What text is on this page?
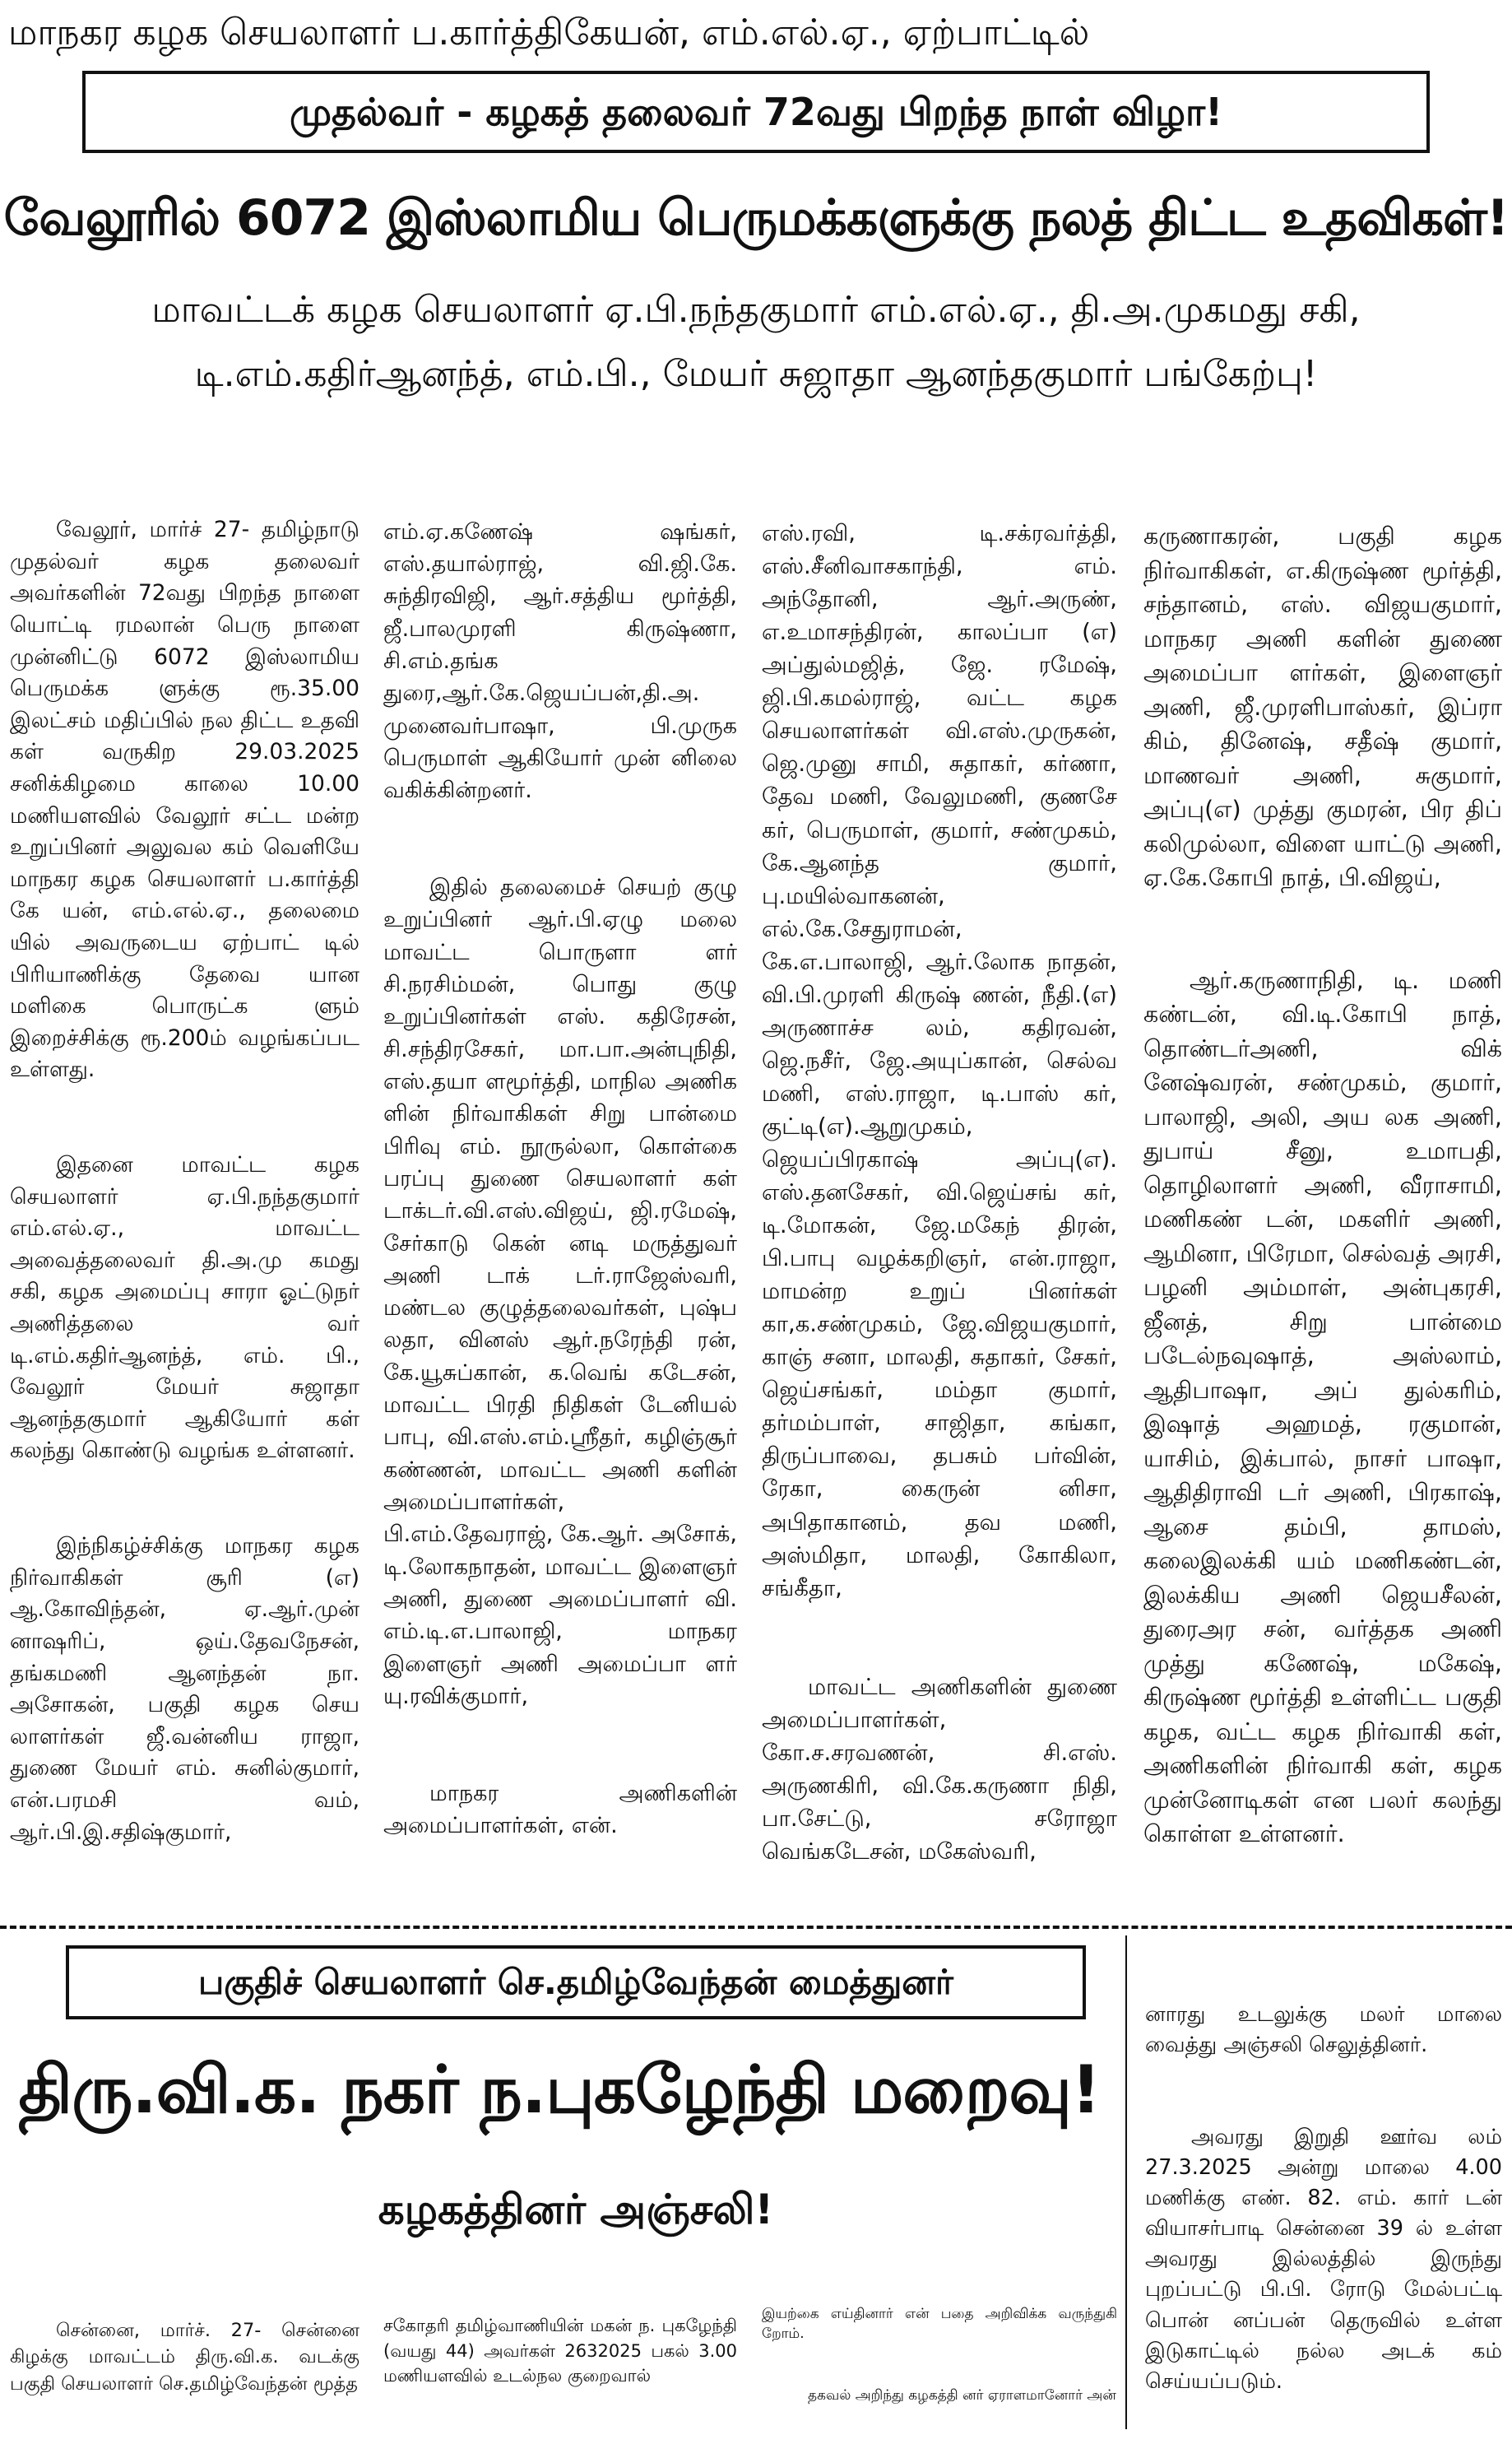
மாநகர கழக செயலாளர் ப.கார்த்திகேயன், எம்.எல்.ஏ., ஏற்பாட்டில்
முதல்வர் - கழகத் தலைவர் 72வது பிறந்த நாள் விழா!
வேலூரில் 6072 இஸ்லாமிய பெருமக்களுக்கு நலத் திட்ட உதவிகள்!
மாவட்டக் கழக செயலாளர் ஏ.பி.நந்தகுமார் எம்.எல்.ஏ., தி.அ.முகமது சகி,
டி.எம்.கதிர்ஆனந்த், எம்.பி., மேயர் சுஜாதா ஆனந்தகுமார் பங்கேற்பு!

வேலூர், மார்ச் 27- தமிழ்நாடு முதல்வர் கழக தலைவர் அவர்களின் 72வது பிறந்த நாளை யொட்டி ரமலான் பெரு நாளை முன்னிட்டு 6072 இஸ்லாமிய பெருமக்க ளுக்கு ரூ.35.00 இலட்சம் மதிப்பில் நல திட்ட உதவி கள் வருகிற 29.03.2025 சனிக்கிழமை காலை 10.00 மணியளவில் வேலூர் சட்ட மன்ற உறுப்பினர் அலுவல கம் வெளியே மாநகர கழக செயலாளர் ப.கார்த்தி கே யன், எம்.எல்.ஏ., தலைமை யில் அவருடைய ஏற்பாட் டில் பிரியாணிக்கு தேவை யான மளிகை பொருட்க ளும் இறைச்சிக்கு ரூ.200ம் வழங்கப்பட உள்ளது.

இதனை மாவட்ட கழக செயலாளர் ஏ.பி.நந்தகுமார் எம்.எல்.ஏ., மாவட்ட அவைத்தலைவர் தி.அ.மு கமது சகி, கழக அமைப்பு சாரா ஓட்டுநர் அணித்தலை வர் டி.எம்.கதிர்ஆனந்த், எம். பி., வேலூர் மேயர் சுஜாதா ஆனந்தகுமார் ஆகியோர் கள் கலந்து கொண்டு வழங்க உள்ளனர்.

இந்நிகழ்ச்சிக்கு மாநகர கழக நிர்வாகிகள் சூரி (எ) ஆ.கோவிந்தன், ஏ.ஆர்.முன் னாஷரிப், ஒய்.தேவநேசன், தங்கமணி ஆனந்தன் நா. அசோகன், பகுதி கழக செய லாளர்கள் ஜீ.வன்னிய ராஜா, துணை மேயர் எம். சுனில்குமார், என்.பரமசி வம், ஆர்.பி.இ.சதிஷ்குமார்,

எம்.ஏ.கணேஷ் ஷங்கர், எஸ்.தயால்ராஜ், வி.ஜி.கே. சுந்திரவிஜி, ஆர்.சத்திய மூர்த்தி, ஜீ.பாலமுரளி கிருஷ்ணா, சி.எம்.தங்க துரை,ஆர்.கே.ஜெயப்பன்,தி.அ. முனைவர்பாஷா, பி.முருக பெருமாள் ஆகியோர் முன் னிலை வகிக்கின்றனர்.

இதில் தலைமைச் செயற் குழு உறுப்பினர் ஆர்.பி.ஏழு மலை மாவட்ட பொருளா ளர் சி.நரசிம்மன், பொது குழு உறுப்பினர்கள் எஸ். கதிரேசன், சி.சந்திரசேகர், மா.பா.அன்புநிதி, எஸ்.தயா ளமூர்த்தி, மாநில அணிக ளின் நிர்வாகிகள் சிறு பான்மை பிரிவு எம். நூருல்லா, கொள்கை பரப்பு துணை செயலாளர் கள் டாக்டர்.வி.எஸ்.விஜய், ஜி.ரமேஷ், சேர்காடு கென் னடி மருத்துவர் அணி டாக் டர்.ராஜேஸ்வரி, மண்டல குழுத்தலைவர்கள், புஷ்ப லதா, வினஸ் ஆர்.நரேந்தி ரன், கே.யூசுப்கான், க.வெங் கடேசன், மாவட்ட பிரதி நிதிகள் டேனியல் பாபு, வி.எஸ்.எம்.ஸ்ரீதர், கழிஞ்சூர் கண்ணன், மாவட்ட அணி களின் அமைப்பாளர்கள், பி.எம்.தேவராஜ், கே.ஆர். அசோக், டி.லோகநாதன், மாவட்ட இளைஞர் அணி, துணை அமைப்பாளர் வி. எம்.டி.எ.பாலாஜி, மாநகர இளைஞர் அணி அமைப்பா ளர் யு.ரவிக்குமார்,

மாநகர அணிகளின் அமைப்பாளர்கள், என்.

எஸ்.ரவி, டி.சக்ரவர்த்தி, எஸ்.சீனிவாசகாந்தி, எம். அந்தோனி, ஆர்.அருண், எ.உமாசந்திரன், காலப்பா (எ) அப்துல்மஜித், ஜே. ரமேஷ், ஜி.பி.கமல்ராஜ், வட்ட கழக செயலாளர்கள் வி.எஸ்.முருகன், ஜெ.முனு சாமி, சுதாகர், கர்ணா, தேவ மணி, வேலுமணி, குணசே கர், பெருமாள், குமார், சண்முகம், கே.ஆனந்த குமார், பு.மயில்வாகனன், எல்.கே.சேதுராமன், கே.எ.பாலாஜி, ஆர்.லோக நாதன், வி.பி.முரளி கிருஷ் ணன், நீதி.(எ) அருணாச்ச லம், கதிரவன், ஜெ.நசீர், ஜே.அயுப்கான், செல்வ மணி, எஸ்.ராஜா, டி.பாஸ் கர், குட்டி(எ).ஆறுமுகம், ஜெயப்பிரகாஷ் அப்பு(எ). எஸ்.தனசேகர், வி.ஜெய்சங் கர், டி.மோகன், ஜே.மகேந் திரன், பி.பாபு வழக்கறிஞர், என்.ராஜா, மாமன்ற உறுப் பினர்கள் கா,க.சண்முகம், ஜே.விஜயகுமார், காஞ் சனா, மாலதி, சுதாகர், சேகர், ஜெய்சங்கர், மம்தா குமார், தர்மம்பாள், சாஜிதா, கங்கா, திருப்பாவை, தபசும் பர்வின், ரேகா, கைருன் னிசா, அபிதாகானம், தவ மணி, அஸ்மிதா, மாலதி, கோகிலா, சங்கீதா,

மாவட்ட அணிகளின் துணை அமைப்பாளர்கள், கோ.ச.சரவணன், சி.எஸ். அருணகிரி, வி.கே.கருணா நிதி, பா.சேட்டு, சரோஜா வெங்கடேசன், மகேஸ்வரி,

கருணாகரன், பகுதி கழக நிர்வாகிகள், எ.கிருஷ்ண மூர்த்தி, சந்தானம், எஸ். விஜயகுமார், மாநகர அணி களின் துணை அமைப்பா ளர்கள், இளைஞர் அணி, ஜீ.முரளிபாஸ்கர், இப்ரா கிம், தினேஷ், சதீஷ் குமார், மாணவர் அணி, சுகுமார், அப்பு(எ) முத்து குமரன், பிர திப் கலிமுல்லா, விளை யாட்டு அணி, ஏ.கே.கோபி நாத், பி.விஜய்,

ஆர்.கருணாநிதி, டி. மணி கண்டன், வி.டி.கோபி நாத், தொண்டர்அணி, விக் னேஷ்வரன், சண்முகம், குமார், பாலாஜி, அலி, அய லக அணி, துபாய் சீனு, உமாபதி, தொழிலாளர் அணி, வீராசாமி, மணிகண் டன், மகளிர் அணி, ஆமினா, பிரேமா, செல்வத் அரசி, பழனி அம்மாள், அன்புகரசி, ஜீனத், சிறு பான்மை படேல்நவுஷாத், அஸ்லாம், ஆதிபாஷா, அப் துல்கரிம், இஷாத் அஹமத், ரகுமான், யாசிம், இக்பால், நாசர் பாஷா, ஆதிதிராவி டர் அணி, பிரகாஷ், ஆசை தம்பி, தாமஸ், கலைஇலக்கி யம் மணிகண்டன், இலக்கிய அணி ஜெயசீலன், துரைஅர சன், வர்த்தக அணி முத்து கணேஷ், மகேஷ், கிருஷ்ண மூர்த்தி உள்ளிட்ட பகுதி கழக, வட்ட கழக நிர்வாகி கள், அணிகளின் நிர்வாகி கள், கழக முன்னோடிகள் என பலர் கலந்து கொள்ள உள்ளனர்.

பகுதிச் செயலாளர் செ.தமிழ்வேந்தன் மைத்துனர்
திரு.வி.க. நகர் ந.புகழேந்தி மறைவு!
கழகத்தினர் அஞ்சலி!

சென்னை, மார்ச். 27- சென்னை கிழக்கு மாவட்டம் திரு.வி.க. வடக்கு பகுதி செயலாளர் செ.தமிழ்வேந்தன் மூத்த

சகோதரி தமிழ்வாணியின் மகன் ந. புகழேந்தி (வயது 44) அவர்கள் 2632025 பகல் 3.00 மணியளவில் உடல்நல குறைவால்

இயற்கை எய்தினார் என் பதை அறிவிக்க வருந்துகி றோம்.

தகவல் அறிந்து கழகத்தி னர் ஏராளமானோர் அன்

னாரது உடலுக்கு மலர் மாலை வைத்து அஞ்சலி செலுத்தினர்.

அவரது இறுதி ஊர்வ லம் 27.3.2025 அன்று மாலை 4.00 மணிக்கு எண். 82. எம். கார் டன் வியாசர்பாடி சென்னை 39 ல் உள்ள அவரது இல்லத்தில் இருந்து புறப்பட்டு பி.பி. ரோடு மேல்பட்டி பொன் னப்பன் தெருவில் உள்ள இடுகாட்டில் நல்ல அடக் கம் செய்யப்படும்.
